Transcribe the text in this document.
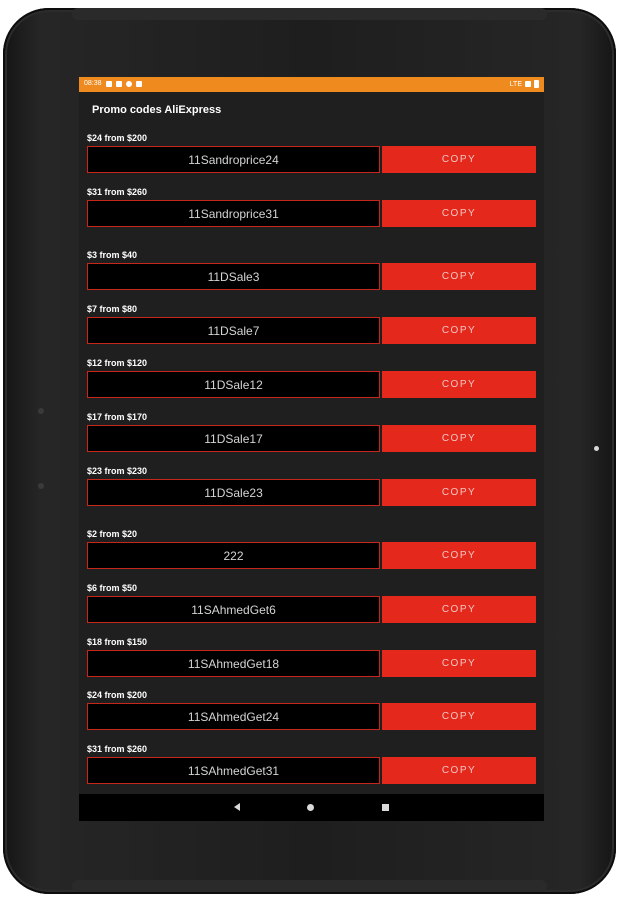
08:38	LTE
Promo codes AliExpress
$24 from $200
11Sandroprice24	COPY
$31 from $260
11Sandroprice31	COPY
$3 from $40
11DSale3	COPY
$7 from $80
11DSale7	COPY
$12 from $120
11DSale12	COPY
$17 from $170
11DSale17	COPY
$23 from $230
11DSale23	COPY
$2 from $20
222	COPY
$6 from $50
11SAhmedGet6	COPY
$18 from $150
11SAhmedGet18	COPY
$24 from $200
11SAhmedGet24	COPY
$31 from $260
11SAhmedGet31	COPY
